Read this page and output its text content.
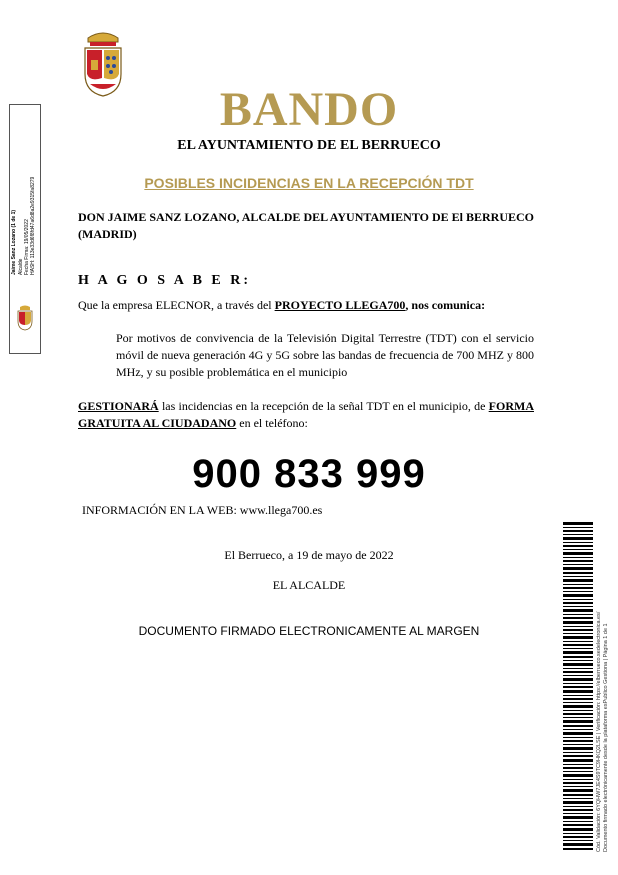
BANDO
EL AYUNTAMIENTO DE EL BERRUECO
POSIBLES INCIDENCIAS EN LA RECEPCIÓN TDT
DON JAIME SANZ LOZANO, ALCALDE DEL AYUNTAMIENTO DE El BERRUECO (MADRID)
H A G O S A B E R:
Que la empresa ELECNOR, a través del PROYECTO LLEGA700, nos comunica:
Por motivos de convivencia de la Televisión Digital Terrestre (TDT) con el servicio móvil de nueva generación 4G y 5G sobre las bandas de frecuencia de 700 MHZ y 800 MHz, y su posible problemática en el municipio
GESTIONARÁ las incidencias en la recepción de la señal TDT en el municipio, de FORMA GRATUITA AL CIUDADANO en el teléfono:
900 833 999
INFORMACIÓN EN LA WEB: www.llega700.es
El Berrueco, a 19 de mayo de 2022
EL ALCALDE
DOCUMENTO FIRMADO ELECTRONICAMENTE AL MARGEN
Jaime Sanz Lozano (1 de 1) Alcalde Fecha Firma: 19/05/2022 HASH: 113e33d6f8fd47a6d8a2e9315fa8279
Cód. Validación: 6YQHW7JE4S9TC9HKQ2LSE | Verificación: https://elberrueco.sedelectronica.es/ Documento firmado electrónicamente desde la plataforma esPublico Gestiona | Página 1 de 1
